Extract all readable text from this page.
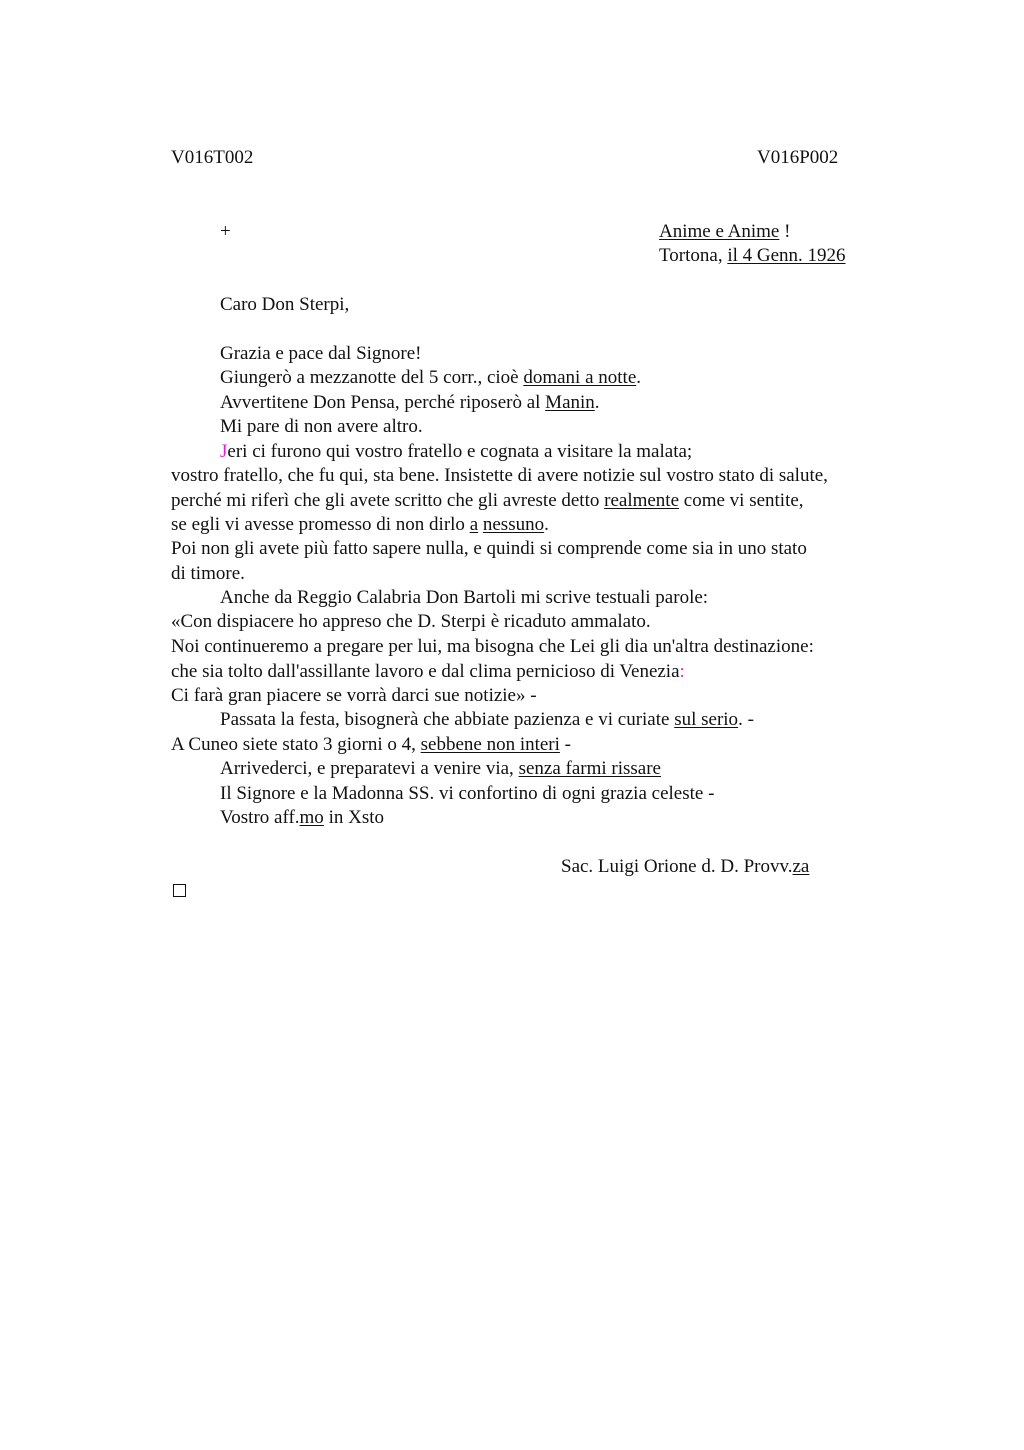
V016T002	V016P002
+	Anime e Anime !
Tortona, il 4 Genn. 1926
Caro Don Sterpi,
Grazia e pace dal Signore!
Giungerò a mezzanotte del 5 corr., cioè domani a notte.
Avvertitene Don Pensa, perché riposerò al Manin.
Mi pare di non avere altro.
Jeri ci furono qui vostro fratello e cognata a visitare la malata;
vostro fratello, che fu qui, sta bene. Insistette di avere notizie sul vostro stato di salute,
perché mi riferì che gli avete scritto che gli avreste detto realmente come vi sentite,
se egli vi avesse promesso di non dirlo a nessuno.
Poi non gli avete più fatto sapere nulla, e quindi si comprende come sia in uno stato
di timore.
Anche da Reggio Calabria Don Bartoli mi scrive testuali parole:
«Con dispiacere ho appreso che D. Sterpi è ricaduto ammalato.
Noi continueremo a pregare per lui, ma bisogna che Lei gli dia un'altra destinazione:
che sia tolto dall'assillante lavoro e dal clima pernicioso di Venezia:
Ci farà gran piacere se vorrà darci sue notizie» -
Passata la festa, bisognerà che abbiate pazienza e vi curiate sul serio. -
A Cuneo siete stato 3 giorni o 4, sebbene non interi -
Arrivederci, e preparatevi a venire via, senza farmi rissare
Il Signore e la Madonna SS. vi confortino di ogni grazia celeste -
Vostro aff.mo in Xsto
Sac. Luigi Orione d. D. Provv.za
